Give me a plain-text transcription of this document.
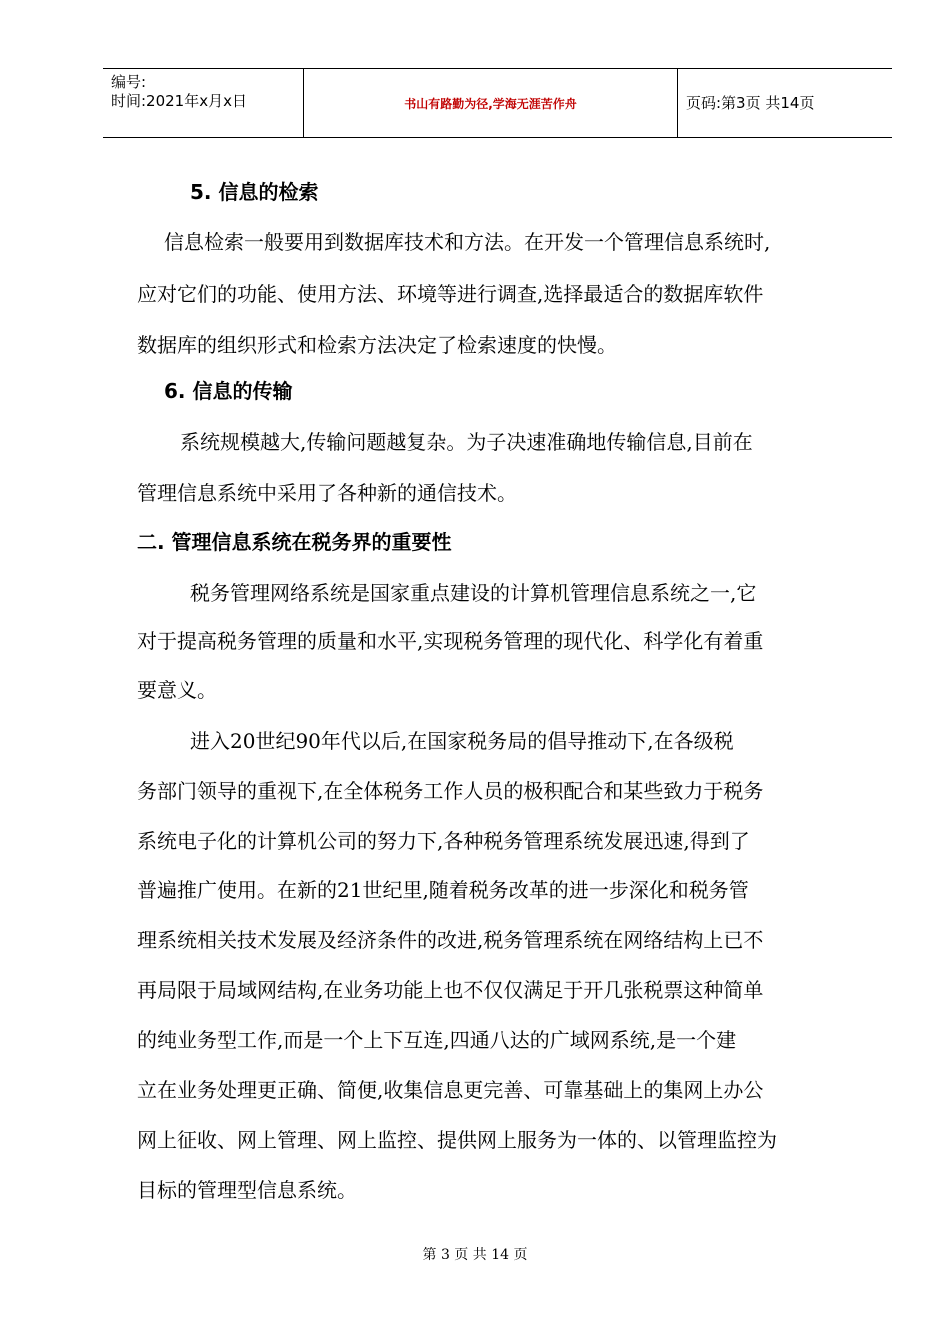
编号:
时间:2021年x月x日	书山有路勤为径,学海无涯苦作舟	页码:第3页 共14页
5. 信息的检索
信息检索一般要用到数据库技术和方法。在开发一个管理信息系统时,
应对它们的功能、使用方法、环境等进行调查,选择最适合的数据库软件
数据库的组织形式和检索方法决定了检索速度的快慢。
6. 信息的传输
系统规模越大,传输问题越复杂。为子决速准确地传输信息,目前在
管理信息系统中采用了各种新的通信技术。
二. 管理信息系统在税务界的重要性
税务管理网络系统是国家重点建设的计算机管理信息系统之一,它
对于提高税务管理的质量和水平,实现税务管理的现代化、科学化有着重
要意义。
进入20世纪90年代以后,在国家税务局的倡导推动下,在各级税
务部门领导的重视下,在全体税务工作人员的极积配合和某些致力于税务
系统电子化的计算机公司的努力下,各种税务管理系统发展迅速,得到了
普遍推广使用。在新的21世纪里,随着税务改革的进一步深化和税务管
理系统相关技术发展及经济条件的改进,税务管理系统在网络结构上已不
再局限于局域网结构,在业务功能上也不仅仅满足于开几张税票这种简单
的纯业务型工作,而是一个上下互连,四通八达的广域网系统,是一个建
立在业务处理更正确、简便,收集信息更完善、可靠基础上的集网上办公
网上征收、网上管理、网上监控、提供网上服务为一体的、以管理监控为
目标的管理型信息系统。
第 3 页 共 14 页
